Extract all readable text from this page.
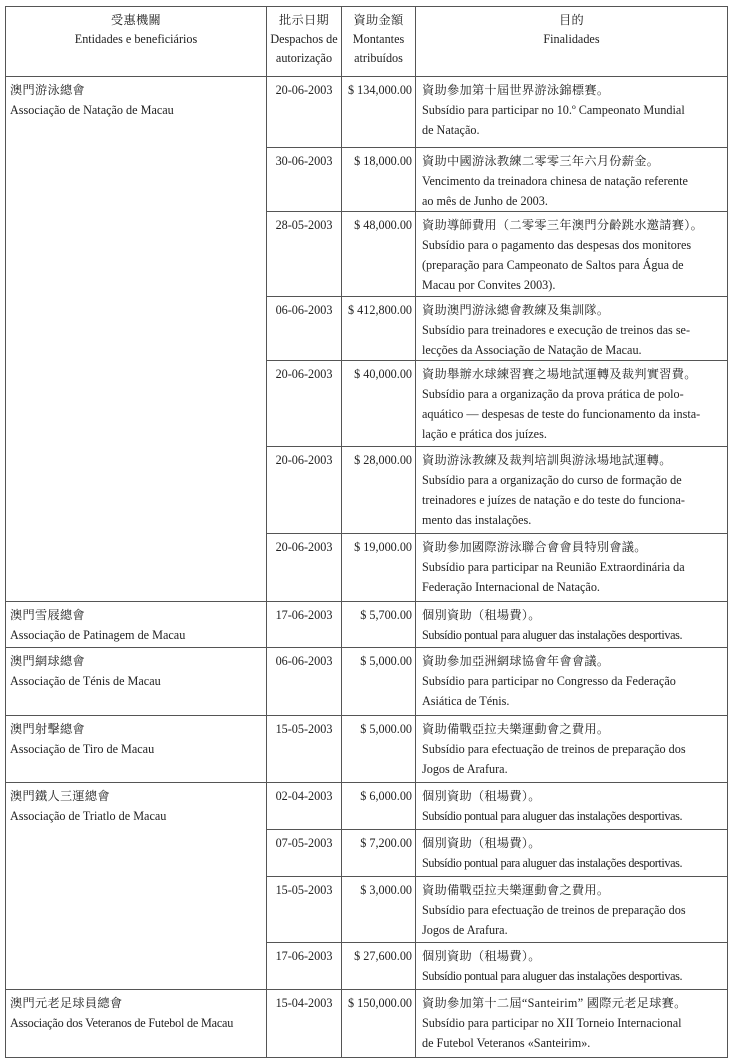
受惠機關
Entidades e beneficiários	批示日期
Despachos de
autorização	資助金額
Montantes
atribuídos	目的
Finalidades

澳門游泳總會
Associação de Natação de Macau	20-06-2003	$ 134,000.00	資助參加第十屆世界游泳錦標賽。
Subsídio para participar no 10.º Campeonato Mundial
de Natação.

	30-06-2003	$ 18,000.00	資助中國游泳教練二零零三年六月份薪金。
Vencimento da treinadora chinesa de natação referente
ao mês de Junho de 2003.

	28-05-2003	$ 48,000.00	資助導師費用（二零零三年澳門分齡跳水邀請賽）。
Subsídio para o pagamento das despesas dos monitores
(preparação para Campeonato de Saltos para Água de
Macau por Convites 2003).

	06-06-2003	$ 412,800.00	資助澳門游泳總會教練及集訓隊。
Subsídio para treinadores e execução de treinos das se-
lecções da Associação de Natação de Macau.

	20-06-2003	$ 40,000.00	資助舉辦水球練習賽之場地試運轉及裁判實習費。
Subsídio para a organização da prova prática de polo-
aquático — despesas de teste do funcionamento da insta-
lação e prática dos juízes.

	20-06-2003	$ 28,000.00	資助游泳教練及裁判培訓與游泳場地試運轉。
Subsídio para a organização do curso de formação de
treinadores e juízes de natação e do teste do funciona-
mento das instalações.

	20-06-2003	$ 19,000.00	資助參加國際游泳聯合會會員特別會議。
Subsídio para participar na Reunião Extraordinária da
Federação Internacional de Natação.

澳門雪屐總會
Associação de Patinagem de Macau	17-06-2003	$ 5,700.00	個別資助（租場費）。
Subsídio pontual para aluguer das instalações desportivas.

澳門網球總會
Associação de Ténis de Macau	06-06-2003	$ 5,000.00	資助參加亞洲網球協會年會會議。
Subsídio para participar no Congresso da Federação
Asiática de Ténis.

澳門射擊總會
Associação de Tiro de Macau	15-05-2003	$ 5,000.00	資助備戰亞拉夫樂運動會之費用。
Subsídio para efectuação de treinos de preparação dos
Jogos de Arafura.

澳門鐵人三運總會
Associação de Triatlo de Macau	02-04-2003	$ 6,000.00	個別資助（租場費）。
Subsídio pontual para aluguer das instalações desportivas.

	07-05-2003	$ 7,200.00	個別資助（租場費）。
Subsídio pontual para aluguer das instalações desportivas.

	15-05-2003	$ 3,000.00	資助備戰亞拉夫樂運動會之費用。
Subsídio para efectuação de treinos de preparação dos
Jogos de Arafura.

	17-06-2003	$ 27,600.00	個別資助（租場費）。
Subsídio pontual para aluguer das instalações desportivas.

澳門元老足球員總會
Associação dos Veteranos de Futebol de Macau	15-04-2003	$ 150,000.00	資助參加第十二屆“Santeirim” 國際元老足球賽。
Subsídio para participar no XII Torneio Internacional
de Futebol Veteranos «Santeirim».
